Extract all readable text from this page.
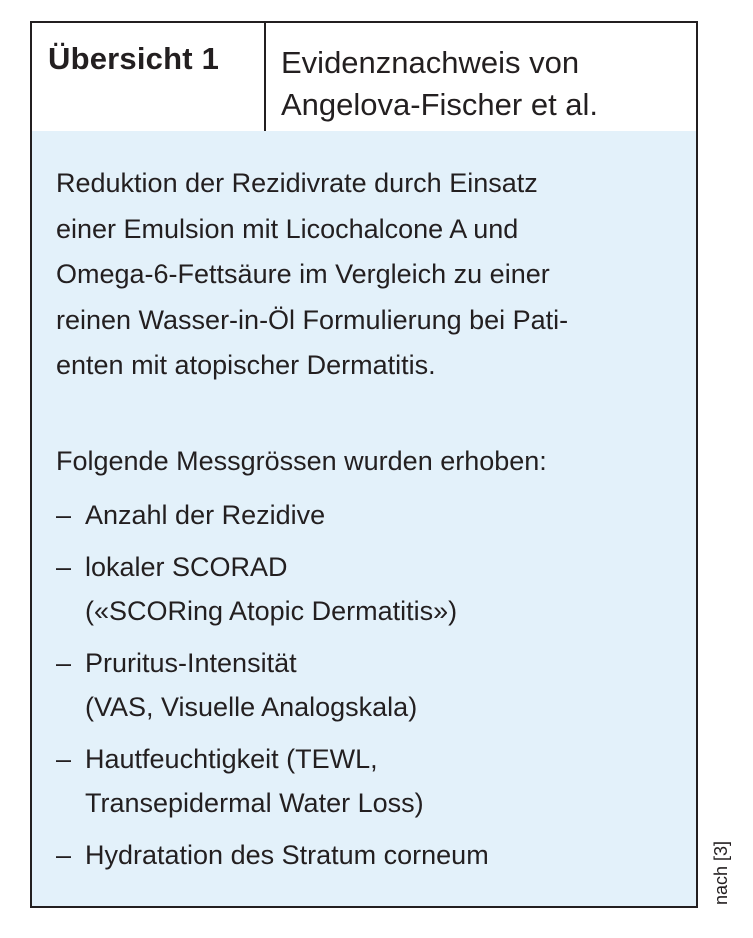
Übersicht 1	Evidenznachweis von
Angelova-Fischer et al.
Reduktion der Rezidivrate durch Einsatz
einer Emulsion mit Licochalcone A und
Omega-6-Fettsäure im Vergleich zu einer
reinen Wasser-in-Öl Formulierung bei Pati-
enten mit atopischer Dermatitis.

Folgende Messgrössen wurden erhoben:

– Anzahl der Rezidive
– lokaler SCORAD
(«SCORing Atopic Dermatitis»)
– Pruritus-Intensität
(VAS, Visuelle Analogskala)
– Hautfeuchtigkeit (TEWL,
Transepidermal Water Loss)
– Hydratation des Stratum corneum	nach [3]
